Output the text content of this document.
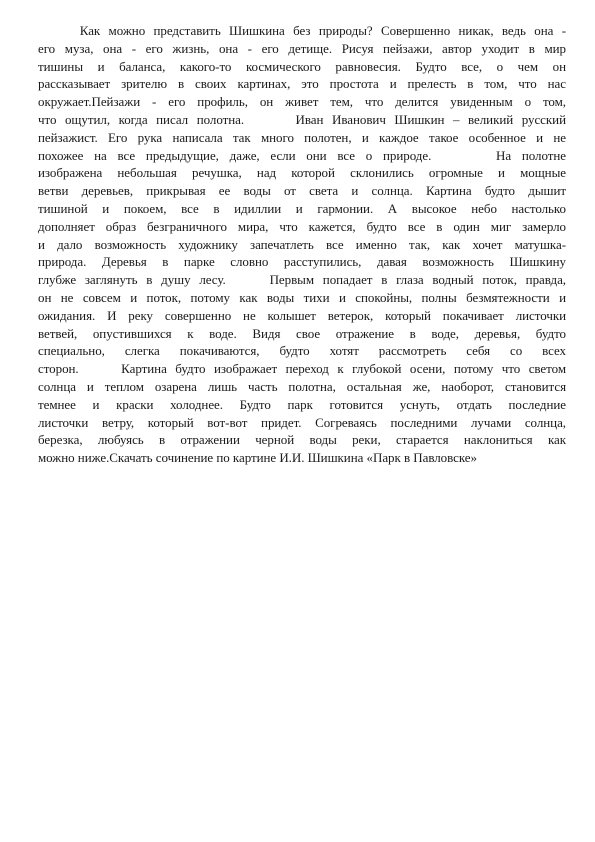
Как можно представить Шишкина без природы? Совершенно никак, ведь она -
его муза, она - его жизнь, она - его детище. Рисуя пейзажи, автор уходит в мир
тишины и баланса, какого-то космического равновесия. Будто все, о чем он
рассказывает зрителю в своих картинах, это простота и прелесть в том, что нас
окружает.Пейзажи - его профиль, он живет тем, что делится увиденным о том,
что ощутил, когда писал полотна.      Иван Иванович Шишкин – великий русский
пейзажист. Его рука написала так много полотен, и каждое такое особенное и не
похожее на все предыдущие, даже, если они все о природе.      На полотне
изображена небольшая речушка, над которой склонились огромные и мощные
ветви деревьев, прикрывая ее воды от света и солнца. Картина будто дышит
тишиной и покоем, все в идиллии и гармонии. А высокое небо настолько
дополняет образ безграничного мира, что кажется, будто все в один миг замерло
и дало возможность художнику запечатлеть все именно так, как хочет матушка-
природа. Деревья в парке словно расступились, давая возможность Шишкину
глубже заглянуть в душу лесу.     Первым попадает в глаза водный поток, правда,
он не совсем и поток, потому как воды тихи и спокойны, полны безмятежности и
ожидания. И реку совершенно не колышет ветерок, который покачивает листочки
ветвей, опустившихся к воде. Видя свое отражение в воде, деревья, будто
специально, слегка покачиваются, будто хотят рассмотреть себя со всех
сторон.     Картина будто изображает переход к глубокой осени, потому что светом
солнца и теплом озарена лишь часть полотна, остальная же, наоборот, становится
темнее и краски холоднее. Будто парк готовится уснуть, отдать последние
листочки ветру, который вот-вот придет. Согреваясь последними лучами солнца,
березка, любуясь в отражении черной воды реки, старается наклониться как
можно ниже.Скачать сочинение по картине И.И. Шишкина «Парк в Павловске»
